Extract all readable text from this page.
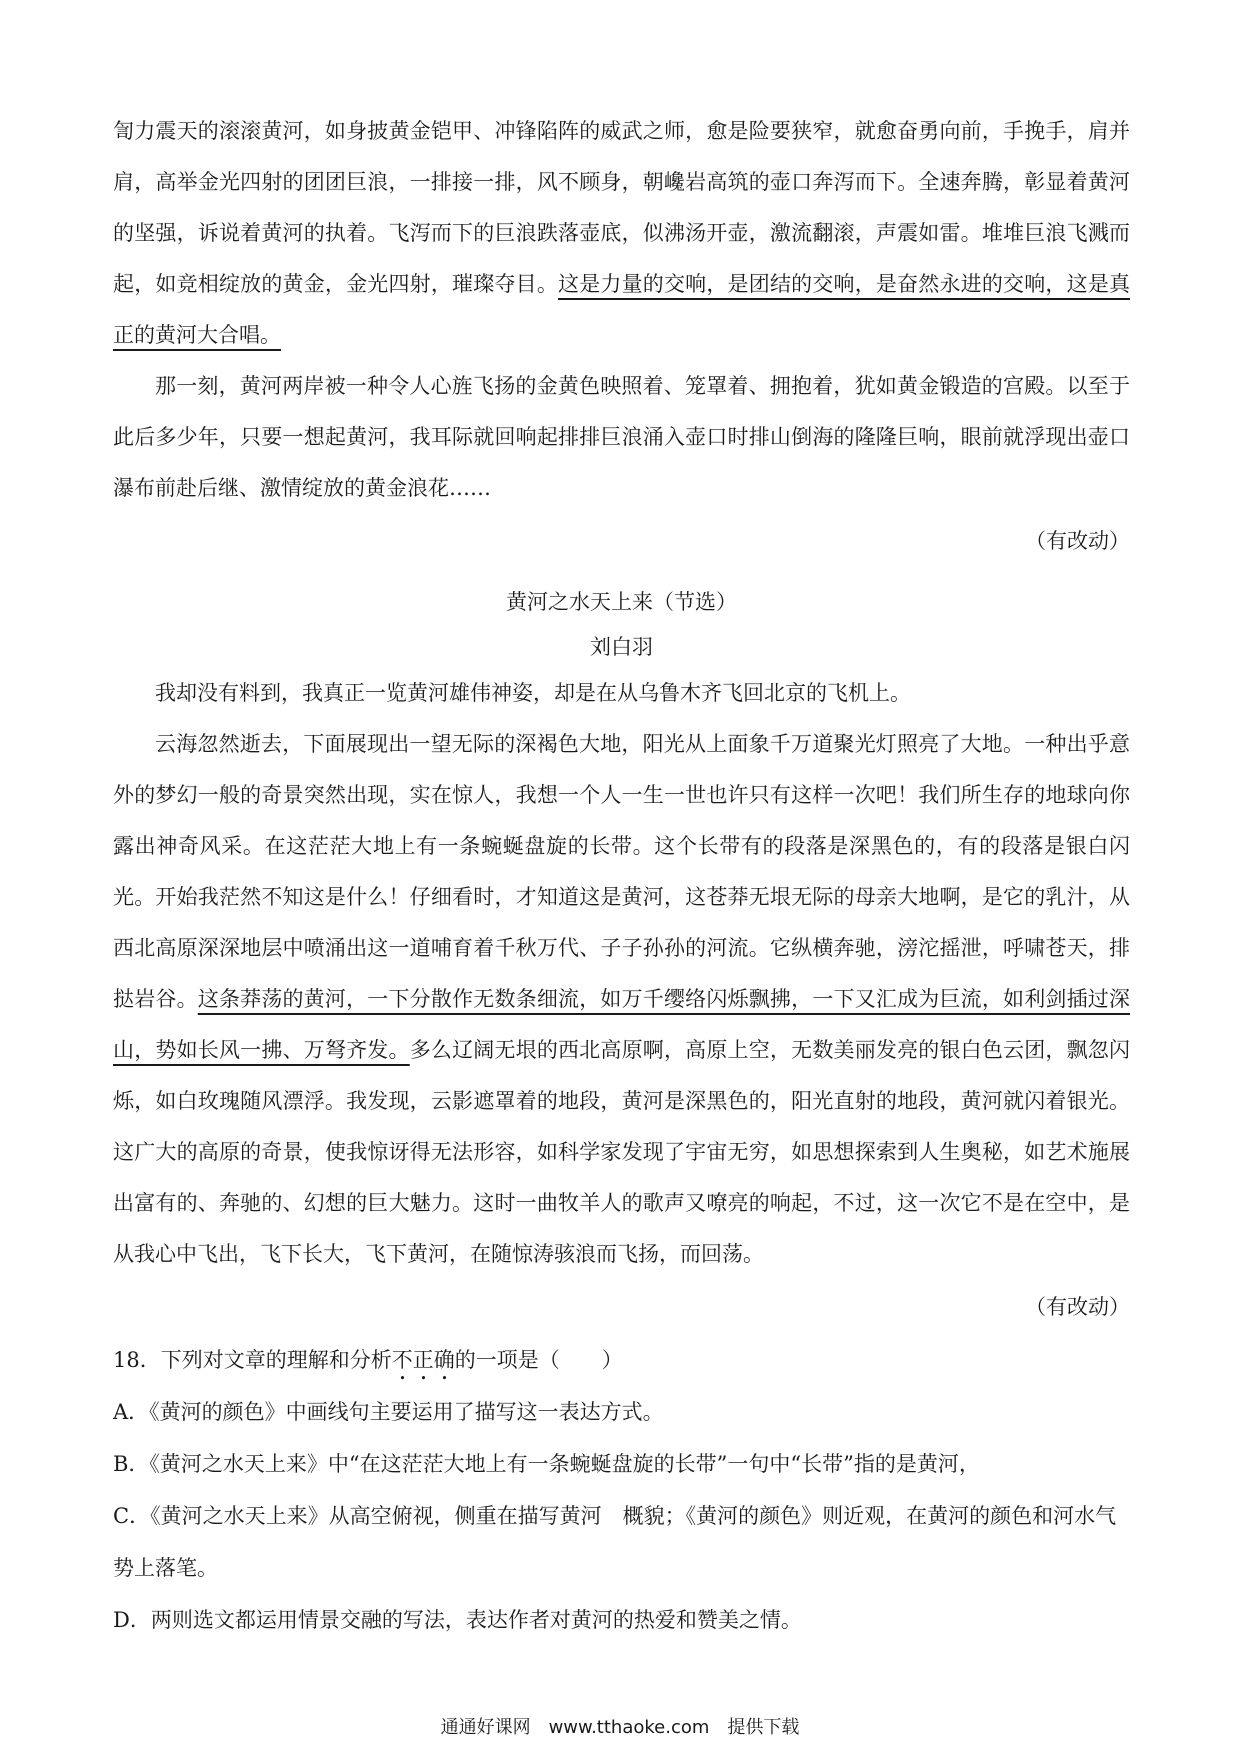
訇力震天的滚滚黄河，如身披黄金铠甲、冲锋陷阵的威武之师，愈是险要狭窄，就愈奋勇向前，手挽手，肩并肩，高举金光四射的团团巨浪，一排接一排，风不顾身，朝巉岩高筑的壶口奔泻而下。全速奔腾，彰显着黄河的坚强，诉说着黄河的执着。飞泻而下的巨浪跌落壶底，似沸汤开壶，激流翻滚，声震如雷。堆堆巨浪飞溅而起，如竞相绽放的黄金，金光四射，璀璨夺目。这是力量的交响，是团结的交响，是奋然永进的交响，这是真正的黄河大合唱。

那一刻，黄河两岸被一种令人心旌飞扬的金黄色映照着、笼罩着、拥抱着，犹如黄金锻造的宫殿。以至于此后多少年，只要一想起黄河，我耳际就回响起排排巨浪涌入壶口时排山倒海的隆隆巨响，眼前就浮现出壶口瀑布前赴后继、激情绽放的黄金浪花……

（有改动）

黄河之水天上来（节选）

刘白羽

我却没有料到，我真正一览黄河雄伟神姿，却是在从乌鲁木齐飞回北京的飞机上。

云海忽然逝去，下面展现出一望无际的深褐色大地，阳光从上面象千万道聚光灯照亮了大地。一种出乎意外的梦幻一般的奇景突然出现，实在惊人，我想一个人一生一世也许只有这样一次吧！我们所生存的地球向你露出神奇风采。在这茫茫大地上有一条蜿蜒盘旋的长带。这个长带有的段落是深黑色的，有的段落是银白闪光。开始我茫然不知这是什么！仔细看时，才知道这是黄河，这苍莽无垠无际的母亲大地啊，是它的乳汁，从西北高原深深地层中喷涌出这一道哺育着千秋万代、子子孙孙的河流。它纵横奔驰，滂沱摇泄，呼啸苍天，排挞岩谷。这条莽荡的黄河，一下分散作无数条细流，如万千缨络闪烁飘拂，一下又汇成为巨流，如利剑插过深山，势如长风一拂、万弩齐发。多么辽阔无垠的西北高原啊，高原上空，无数美丽发亮的银白色云团，飘忽闪烁，如白玫瑰随风漂浮。我发现，云影遮罩着的地段，黄河是深黑色的，阳光直射的地段，黄河就闪着银光。这广大的高原的奇景，使我惊讶得无法形容，如科学家发现了宇宙无穷，如思想探索到人生奥秘，如艺术施展出富有的、奔驰的、幻想的巨大魅力。这时一曲牧羊人的歌声又嘹亮的响起，不过，这一次它不是在空中，是从我心中飞出，飞下长大，飞下黄河，在随惊涛骇浪而飞扬，而回荡。

（有改动）

18．下列对文章的理解和分析不正确的一项是（　　）

A．《黄河的颜色》中画线句主要运用了描写这一表达方式。

B．《黄河之水天上来》中“在这茫茫大地上有一条蜿蜒盘旋的长带”一句中“长带”指的是黄河，

C．《黄河之水天上来》从高空俯视，侧重在描写黄河　概貌；《黄河的颜色》则近观，在黄河的颜色和河水气势上落笔。

D．两则选文都运用情景交融的写法，表达作者对黄河的热爱和赞美之情。

通通好课网　www.tthaoke.com　提供下载
